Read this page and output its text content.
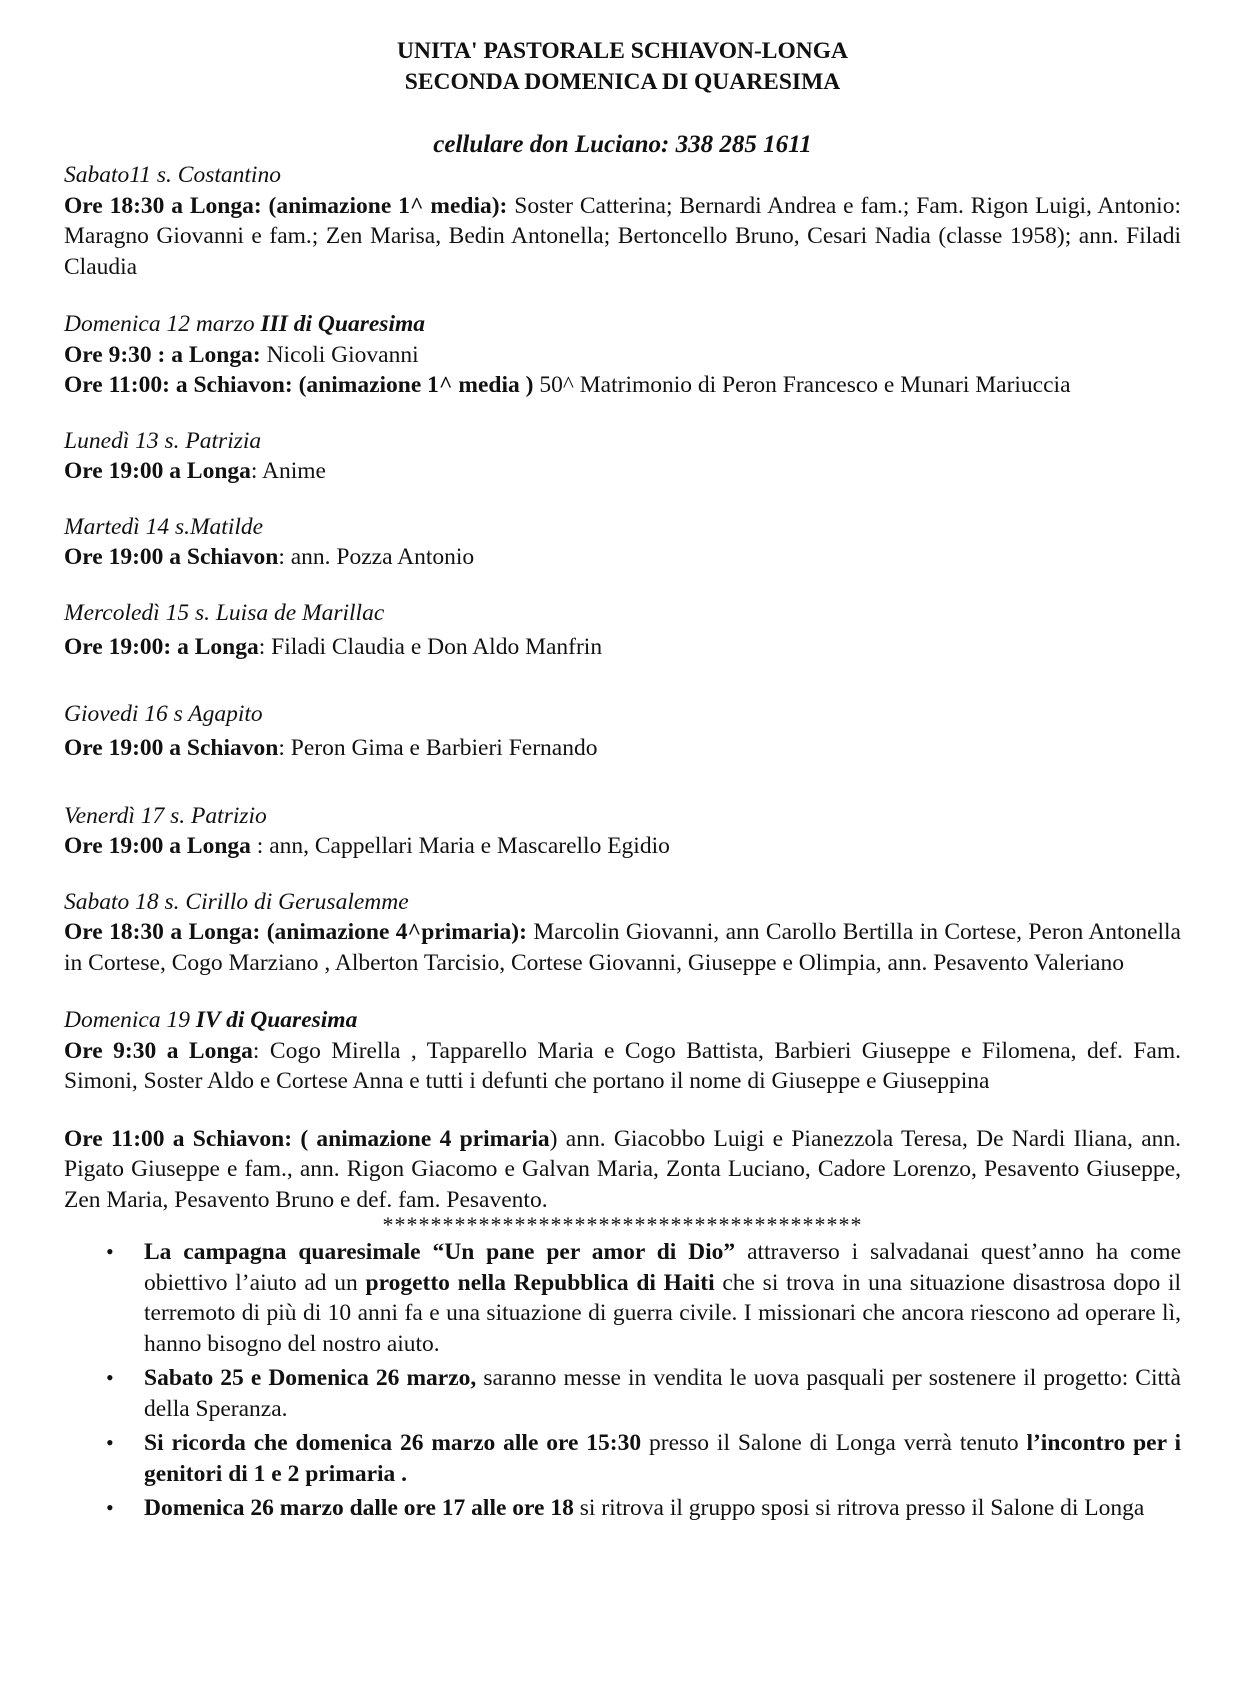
UNITA' PASTORALE SCHIAVON-LONGA
SECONDA DOMENICA DI QUARESIMA
cellulare don Luciano: 338 285 1611
Sabato11 s. Costantino
Ore 18:30 a Longa: (animazione 1^ media): Soster Catterina; Bernardi Andrea e fam.; Fam. Rigon Luigi, Antonio: Maragno Giovanni e fam.; Zen Marisa, Bedin Antonella; Bertoncello Bruno, Cesari Nadia (classe 1958); ann. Filadi Claudia
Domenica 12 marzo III di Quaresima
Ore 9:30 : a Longa: Nicoli Giovanni
Ore 11:00: a Schiavon: (animazione 1^ media ) 50^ Matrimonio di Peron Francesco e Munari Mariuccia
Lunedì 13 s. Patrizia
Ore 19:00 a Longa: Anime
Martedì 14 s.Matilde
Ore 19:00 a Schiavon: ann. Pozza Antonio
Mercoledì 15 s. Luisa de Marillac
Ore 19:00: a Longa: Filadi Claudia e Don Aldo Manfrin
Giovedi 16 s Agapito
Ore 19:00 a Schiavon: Peron Gima e Barbieri Fernando
Venerdì 17 s. Patrizio
Ore 19:00 a Longa : ann, Cappellari Maria e Mascarello Egidio
Sabato 18 s. Cirillo di Gerusalemme
Ore 18:30 a Longa: (animazione 4^primaria): Marcolin Giovanni, ann Carollo Bertilla in Cortese, Peron Antonella in Cortese, Cogo Marziano , Alberton Tarcisio, Cortese Giovanni, Giuseppe e Olimpia, ann. Pesavento Valeriano
Domenica 19 IV di Quaresima
Ore 9:30 a Longa: Cogo Mirella , Tapparello Maria e Cogo Battista, Barbieri Giuseppe e Filomena, def. Fam. Simoni, Soster Aldo e Cortese Anna e tutti i defunti che portano il nome di Giuseppe e Giuseppina
Ore 11:00 a Schiavon: ( animazione 4 primaria) ann. Giacobbo Luigi e Pianezzola Teresa, De Nardi Iliana, ann. Pigato Giuseppe e fam., ann. Rigon Giacomo e Galvan Maria, Zonta Luciano, Cadore Lorenzo, Pesavento Giuseppe, Zen Maria, Pesavento Bruno e def. fam. Pesavento.
****************************************
• La campagna quaresimale “Un pane per amor di Dio” attraverso i salvadanai quest’anno ha come obiettivo l’aiuto ad un progetto nella Repubblica di Haiti che si trova in una situazione disastrosa dopo il terremoto di più di 10 anni fa e una situazione di guerra civile. I missionari che ancora riescono ad operare lì, hanno bisogno del nostro aiuto.
• Sabato 25 e Domenica 26 marzo, saranno messe in vendita le uova pasquali per sostenere il progetto: Città della Speranza.
• Si ricorda che domenica 26 marzo alle ore 15:30 presso il Salone di Longa verrà tenuto l’incontro per i genitori di 1 e 2 primaria .
• Domenica 26 marzo dalle ore 17 alle ore 18 si ritrova il gruppo sposi si ritrova presso il Salone di Longa
